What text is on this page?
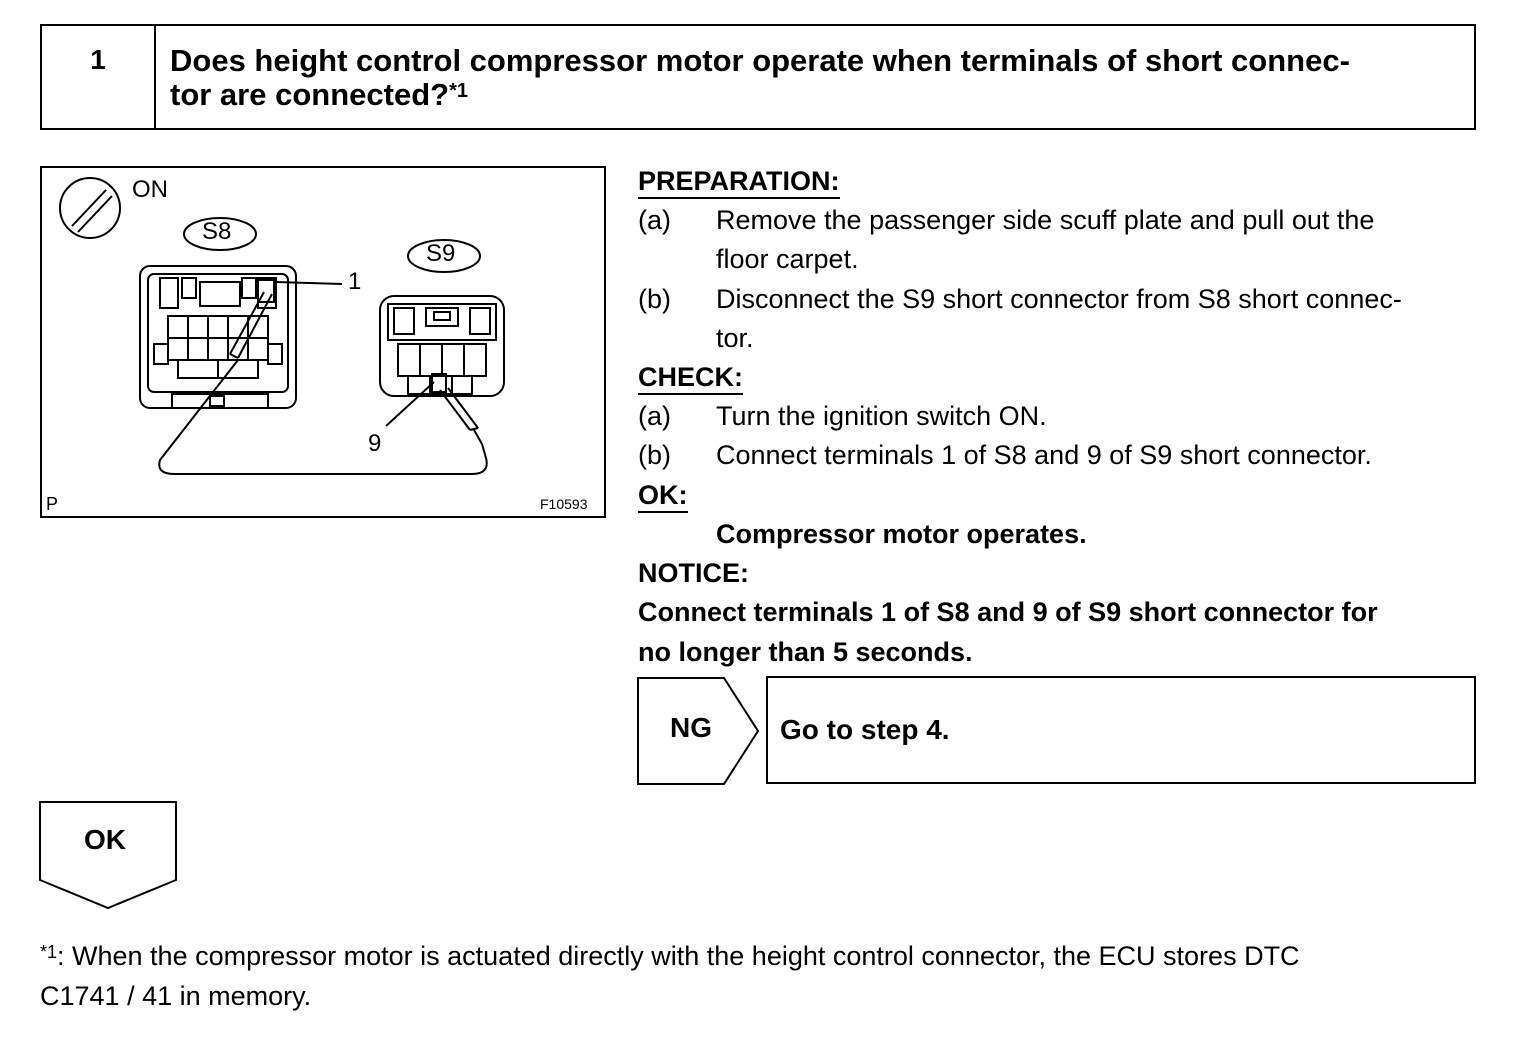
1	Does height control compressor motor operate when terminals of short connec-
tor are connected?$^{*1}$
ON
S8
S9
1
9
P	F10593
PREPARATION:
(a) Remove the passenger side scuff plate and pull out the
floor carpet.
(b) Disconnect the S9 short connector from S8 short connec-
tor.
CHECK:
(a) Turn the ignition switch ON.
(b) Connect terminals 1 of S8 and 9 of S9 short connector.
OK:
Compressor motor operates.
NOTICE:
Connect terminals 1 of S8 and 9 of S9 short connector for
no longer than 5 seconds.
NG Go to step 4.
OK
$^{*1}$: When the compressor motor is actuated directly with the height control connector, the ECU stores DTC
C1741 / 41 in memory.
